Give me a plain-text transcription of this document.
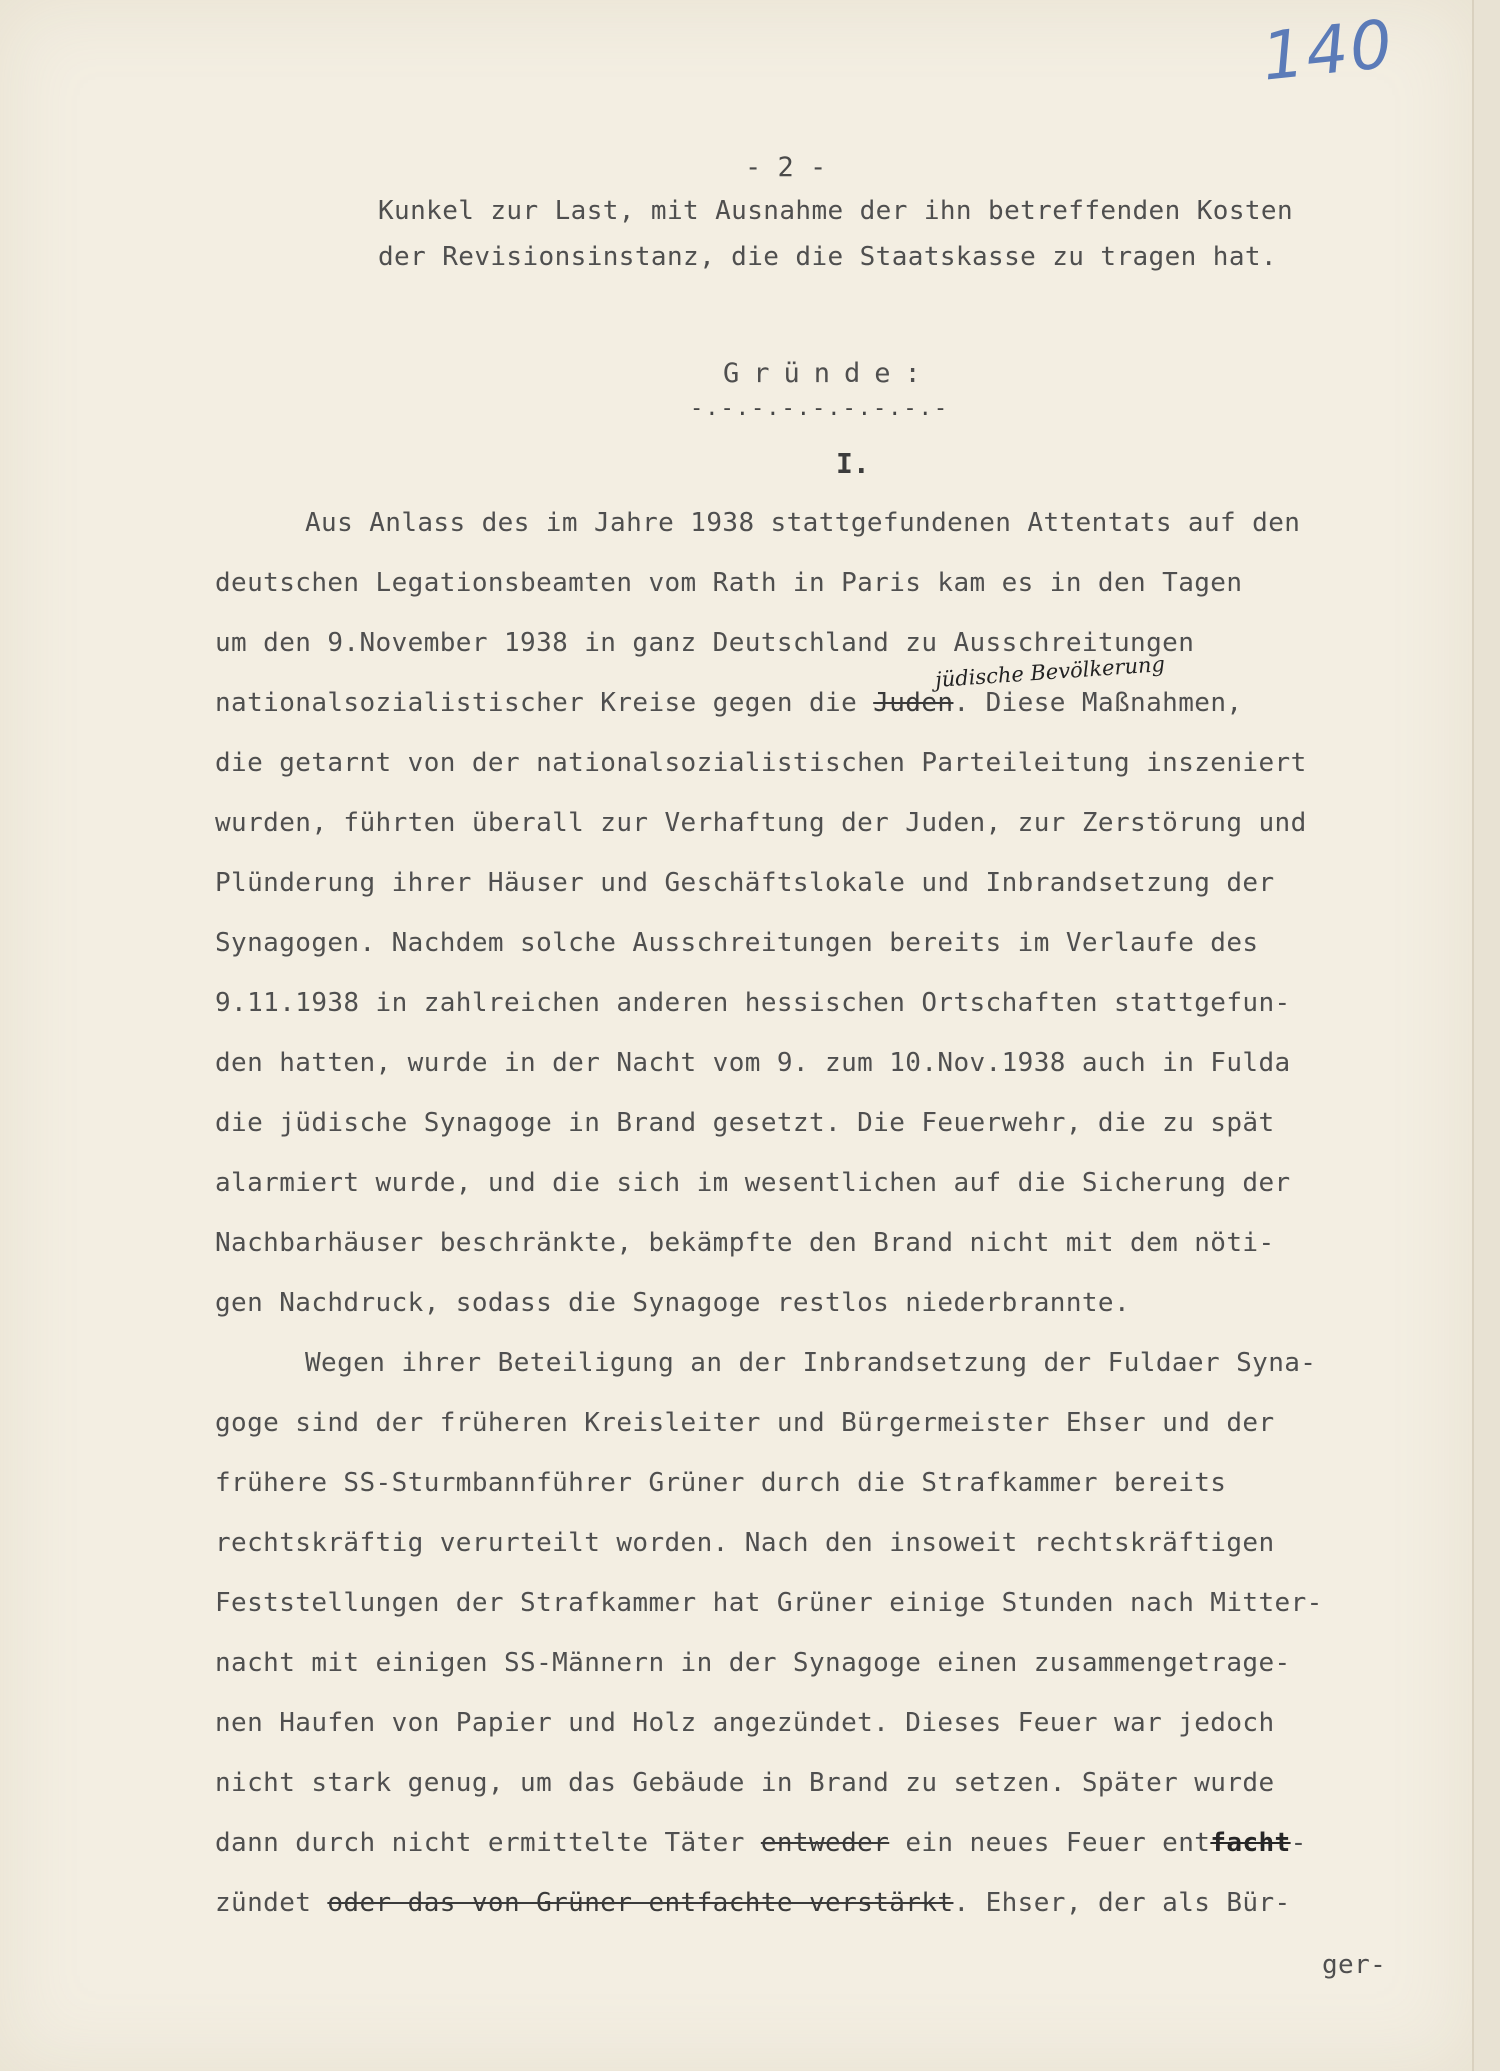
140
- 2 -
Kunkel zur Last, mit Ausnahme der ihn betreffenden Kosten
der Revisionsinstanz, die die Staatskasse zu tragen hat.
Gründe:
-.-.-.-.-.-.-.-.-
I.
Aus Anlass des im Jahre 1938 stattgefundenen Attentats auf den
deutschen Legationsbeamten vom Rath in Paris kam es in den Tagen
um den 9.November 1938 in ganz Deutschland zu Ausschreitungen
jüdische Bevölkerung
nationalsozialistischer Kreise gegen die Juden. Diese Maßnahmen,
die getarnt von der nationalsozialistischen Parteileitung inszeniert
wurden, führten überall zur Verhaftung der Juden, zur Zerstörung und
Plünderung ihrer Häuser und Geschäftslokale und Inbrandsetzung der
Synagogen. Nachdem solche Ausschreitungen bereits im Verlaufe des
9.11.1938 in zahlreichen anderen hessischen Ortschaften stattgefun-
den hatten, wurde in der Nacht vom 9. zum 10.Nov.1938 auch in Fulda
die jüdische Synagoge in Brand gesetzt. Die Feuerwehr, die zu spät
alarmiert wurde, und die sich im wesentlichen auf die Sicherung der
Nachbarhäuser beschränkte, bekämpfte den Brand nicht mit dem nöti-
gen Nachdruck, sodass die Synagoge restlos niederbrannte.
Wegen ihrer Beteiligung an der Inbrandsetzung der Fuldaer Syna-
goge sind der früheren Kreisleiter und Bürgermeister Ehser und der
frühere SS-Sturmbannführer Grüner durch die Strafkammer bereits
rechtskräftig verurteilt worden. Nach den insoweit rechtskräftigen
Feststellungen der Strafkammer hat Grüner einige Stunden nach Mitter-
nacht mit einigen SS-Männern in der Synagoge einen zusammengetrage-
nen Haufen von Papier und Holz angezündet. Dieses Feuer war jedoch
nicht stark genug, um das Gebäude in Brand zu setzen. Später wurde
dann durch nicht ermittelte Täter entweder ein neues Feuer entfacht-
zündet oder das von Grüner entfachte verstärkt. Ehser, der als Bür-
ger-
